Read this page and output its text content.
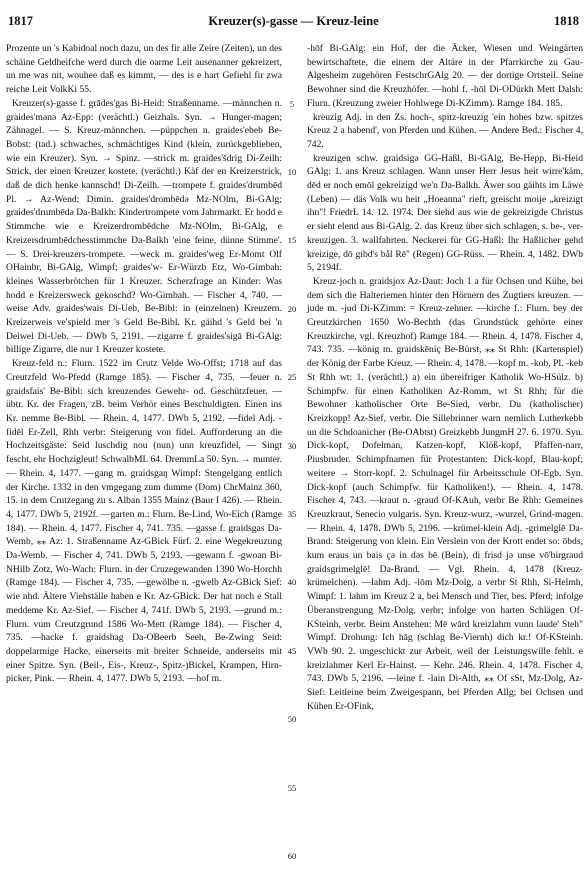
1817	Kreuzer(s)-gasse — Kreuz-leine	1818
5
10
15
20
25
30
35
40
45
50
55
60

Prozente un 's Kabidoal noch dazu, un des fir alle Zeire (Zeiten), un des schäine Geldheifche werd durch die oarme Leit ausenanner gekreizert, un me was nit, wouhee daß es kimmt, — des is e hart Gefiehl fir zwa reiche Leit VolkKi 55.

Kreuzer(s)-gasse f. grādes'gas Bi-Heid: Straßenname. —männchen n. graides'mənə Az-Epp: (verächtl.) Geizhals. Syn. → Hunger-magen; Zähnagel. — S. Kreuz-männchen. —püppchen n. graides'ebeb Be-Bobst: (tad.) schwaches, schmächtiges Kind (klein, zurückgeblieben, wie ein Kreuzer). Syn. → Spinz. —strick m. graides'šdrig Di-Zeilh: Strick, der einen Kreuzer kostete. (verächtl.) Käf der en Kreizerstrick, daß de dich henke kannschd! Di-Zeilh. —trompete f. graides'drumbēd Pl. → Az-Wend; Dimin. graides'drombēdǝ Mz-NOlm, Bi-GAlg; graides'drumbēdǝ Da-Balkh: Kindertrompete vom Jahrmarkt. Er hodd e Stimmche wie e Kreizerdrombēdche Mz-NOlm, Bi-GAlg, e Kreizersdrumbēdchesstimmche Da-Balkh 'eine feine, dünne Stimme'. — S. Drei-kreuzers-trompete. —weck m. graides'weg Er-Momt Olf OHainbr, Bi-GAlg, Wimpf; graides'w- Er-Würzb Etz, Wo-Gimbah: kleines Wasserbrötchen für 1 Kreuzer. Scherzfrage an Kinder: Was hodd e Kreizersweck gekoschd? Wo-Gimbah. — Fischer 4, 740. —weise Adv. graides'wais Di-Ueb, Be-Bibl: in (einzelnen) Kreuzern. Kreizerweis ve'spield mer 's Geld Be-Bibl. Kr. gäihd 's Geld bei 'n Deiwel Di-Ueb. — DWb 5, 2191. —zigarre f. graides'sigā Bi-GAlg: billige Zigarre, die nur 1 Kreuzer kostete.

Kreuz-feld n.: Flurn. 1522 im Crutz Velde Wo-Offst; 1718 auf das Creutzfeld Wo-Pfedd (Ramge 185). — Fischer 4, 735. —feuer n. graidsfais' Be-Bibl: sich kreuzendes Gewehr- od. Geschützfeuer. — übtr. Kr. der Fragen, zB. beim Verhör eines Beschuldigten. Einen ins Kr. nemme Be-Bibl. — Rhein. 4, 1477. DWb 5, 2192. —fidel Adj. -fidēl Er-Zell, Rhh verbr: Steigerung von fidel. Aufforderung an die Hochzeitsgäste: Seid luschdig nou (nun) unn kreuzfidel, — Singt fescht, ehr Hochzigleut! SchwalbML 64. DremmLa 50. Syn. → munter. — Rhein. 4, 1477. —gang m. graidsgaŋ Wimpf: Stengelgang entlich der Kirche. 1332 in den vmgegang zum dumme (Dom) ChrMainz 360, 15. in dem Crutzegang zu s. Alban 1355 Mainz (Baur I 426). — Rhein. 4, 1477. DWb 5, 2192f. —garten m.: Flurn. Be-Lind, Wo-Eich (Ramge 184). — Rhein. 4, 1477. Fischer 4, 741. 735. —gasse f. graidsgas Da-Wemb, ⁎⁎ Az: 1. Straßenname Az-GBick Fürf. 2. eine Wegekreuzung Da-Wemb. — Fischer 4, 741. DWb 5, 2193. —gewann f. -gwoan Bi-NHilb Zotz, Wo-Wach: Flurn. in der Cruzegewanden 1390 Wo-Horchh (Ramge 184). — Fischer 4, 735. —gewölbe n. -gwelb Az-GBick Sief: wie nhd. Ältere Viehställe haben e Kr. Az-GBick. Der hat noch e Stall meddeme Kr. Az-Sief. — Fischer 4, 741f. DWb 5, 2193. —grund m.: Flurn. vum Creutzgrund 1586 Wo-Mett (Ramge 184). — Fischer 4, 735. —hacke f. graidshag Da-OBeerb Seeh, Be-Zwing Seid: doppelarmige Hacke, einerseits mit breiter Schneide, anderseits mit einer Spitze. Syn. (Beil-, Eis-, Kreuz-, Spitz-)Bickel, Krampen, Hirn-picker, Pink. — Rhein. 4, 1477. DWb 5, 2193. —hof m.

-hōf Bi-GAlg: ein Hof, der die Äcker, Wiesen und Weingärten bewirtschaftete, die einem der Altäre in der Pfarrkirche zu Gau-Algesheim zugehören FestschrGAlg 20. — der dortige Ortsteil. Seine Bewohner sind die Kreuzhöfer. —hohl f. -hōl Di-ODürkh Mett Dalsh: Flurn. (Kreuzung zweier Hohlwege Di-KZimm). Ramge 184. 185.

kreuzig Adj. in den Zs. hoch-, spitz-kreuzig 'ein hohes bzw. spitzes Kreuz 2 a habend', von Pferden und Kühen. — Andere Bed.: Fischer 4, 742.

kreuzigen schw. graidsigǝ GG-Haßl, Bi-GAlg, Be-Hepp, Bi-Heid GAlg: 1. ans Kreuz schlagen. Wann unser Herr Jesus heit wirre'käm, dēd er noch emōl gekreizigd we'n Da-Balkh. Äwer sou gäihts im Läwe (Leben) — däs Volk wu heit „Hoeanna" rieft, greischt moije „kreizigt ihn"! FriedrL 14. 12. 1974. Der siehd aus wie de gekreizigde Christus er sieht elend aus Bi-GAlg. 2. das Kreuz über sich schlagen, s. be-, ver-kreuzigen. 3. wallfahrten. Neckerei für GG-Haßl: Ihr Haßlicher gehd kreizige, dō gibd's bål Rē" (Regen) GG-Rüss. — Rhein. 4, 1482. DWb 5, 2194f.

Kreuz-joch n. graidsjox Az-Daut: Joch 1 a für Ochsen und Kühe, bei dem sich die Halteriemen hinter den Hörnern des Zugtiers kreuzen. —jude m. -jud Di-KZimm: = Kreuz-zehner. —kirche f.: Flurn. bey der Creutzkirchen 1650 Wo-Bechth (das Grundstück gehörte einer Kreuzkirche, vgl. Kreuzhof) Ramge 184. — Rhein. 4, 1478. Fischer 4, 743. 735. —könig m. graidskēniç Be-Bürst, ⁎⁎ St Rhh: (Kartenspiel) der König der Farbe Kreuz. — Rhein. 4, 1478. —kopf m. -kob, Pl. -keb St Rhh wt: 1. (verächtl.) a) ein übereifriger Katholik Wo-HSülz. b) Schimpfw. für einen Katholiken Az-Romm, wt St Rhh; für die Bewohner katholischer Orte Be-Sied, verbr. Du (katholischer) Kreizkopp! Az-Sief, verbr. Die Sillebrinner warn nemlich Lutherkebb un die Schdoanicher (Be-OAbtst) Greizkebb JungmH 27. 6. 1970. Syn. Dick-kopf, Dofelman, Katzen-kopf, Klöß-kopf, Pfaffen-narr, Piusbruder. Schimpfnamen für Protestanten: Dick-kopf, Blau-kopf; weitere → Storr-kopf. 2. Schulnagel für Arbeitsschule Of-Egb. Syn. Dick-kopf (auch Schimpfw. für Katholiken!). — Rhein. 4, 1478. Fischer 4, 743. —kraut n. -graud Of-KAuh, verbr Be Rhh: Gemeines Kreuzkraut, Senecio vulgaris. Syn. Kreuz-wurz, -wurzel, Grind-magen. — Rhein. 4, 1478. DWb 5, 2196. —krümel-klein Adj. -grimelglē Da-Brand: Steigerung von klein. Ein Verslein von der Krott endet so: ōbds, kum eraus un bais çə in dəs bē (Bein), di frisd jə unse vō'birgraud graidsgrimelglē! Da-Brand. — Vgl. Rhein. 4, 1478 (Kreuz-krümelchen). —lahm Adj. -lōm Mz-Dolg, a verbr St Rhh, Si-Helmh, Wimpf: 1. lahm im Kreuz 2 a, bei Mensch und Tier, bes. Pferd; infolge Überanstrengung Mz-Dolg, verbr; infolge von harten Schlägen Of-KSteinh, verbr. Beim Anstehen: Mē wārd kreizlahm vunn laude' Steh" Wimpf. Drohung: Ich hāg (schlag Be-Viernh) dich kr.! Of-KSteinh. VWb 90. 2. ungeschickt zur Arbeit, weil der Leistungswille fehlt. e kreizlahmer Kerl Er-Hainst. — Kehr. 246. Rhein. 4, 1478. Fischer 4, 743. DWb 5, 2196. —leine f. -lain Di-Alth, ⁎⁎ Of sSt, Mz-Dolg, Az-Sief: Leitleine beim Zweigespann, bei Pferden Allg; bei Ochsen und Kühen Er-OFink,
